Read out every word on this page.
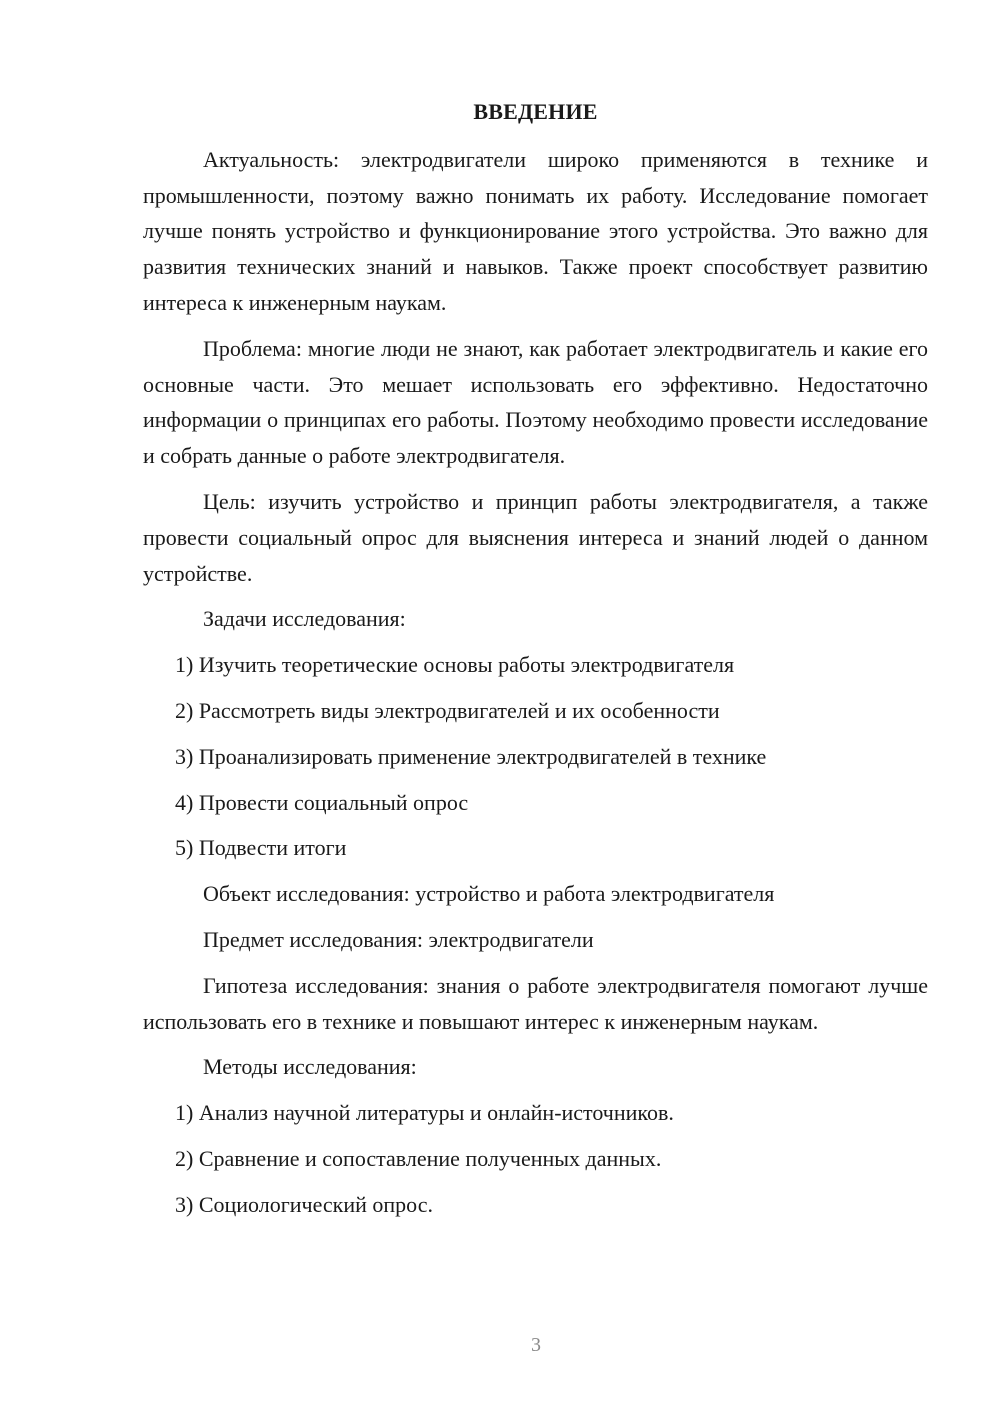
ВВЕДЕНИЕ

Актуальность: электродвигатели широко применяются в технике и промышленности, поэтому важно понимать их работу. Исследование помогает лучше понять устройство и функционирование этого устройства. Это важно для развития технических знаний и навыков. Также проект способствует развитию интереса к инженерным наукам.

Проблема: многие люди не знают, как работает электродвигатель и какие его основные части. Это мешает использовать его эффективно. Недостаточно информации о принципах его работы. Поэтому необходимо провести исследование и собрать данные о работе электродвигателя.

Цель: изучить устройство и принцип работы электродвигателя, а также провести социальный опрос для выяснения интереса и знаний людей о данном устройстве.

Задачи исследования:

1) Изучить теоретические основы работы электродвигателя
2) Рассмотреть виды электродвигателей и их особенности
3) Проанализировать применение электродвигателей в технике
4) Провести социальный опрос
5) Подвести итоги

Объект исследования: устройство и работа электродвигателя

Предмет исследования: электродвигатели

Гипотеза исследования: знания о работе электродвигателя помогают лучше использовать его в технике и повышают интерес к инженерным наукам.

Методы исследования:

1) Анализ научной литературы и онлайн-источников.
2) Сравнение и сопоставление полученных данных.
3) Социологический опрос.
3
